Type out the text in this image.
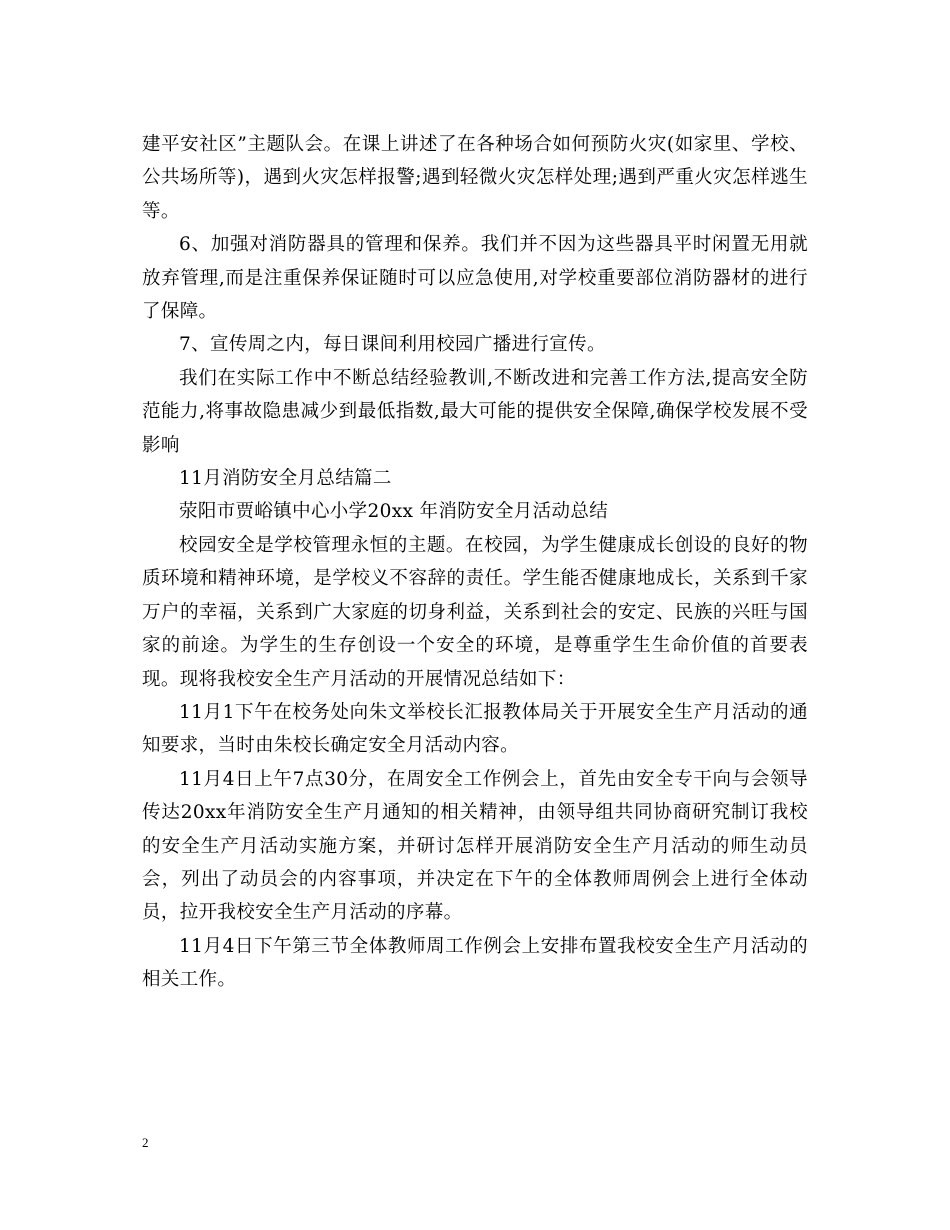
建平安社区”主题队会。在课上讲述了在各种场合如何预防火灾(如家里、学校、公共场所等)，遇到火灾怎样报警;遇到轻微火灾怎样处理;遇到严重火灾怎样逃生等。

6、加强对消防器具的管理和保养。我们并不因为这些器具平时闲置无用就放弃管理,而是注重保养保证随时可以应急使用,对学校重要部位消防器材的进行了保障。

7、宣传周之内，每日课间利用校园广播进行宣传。

我们在实际工作中不断总结经验教训,不断改进和完善工作方法,提高安全防范能力,将事故隐患减少到最低指数,最大可能的提供安全保障,确保学校发展不受影响

11月消防安全月总结篇二

荥阳市贾峪镇中心小学20xx 年消防安全月活动总结

校园安全是学校管理永恒的主题。在校园，为学生健康成长创设的良好的物质环境和精神环境，是学校义不容辞的责任。学生能否健康地成长，关系到千家万户的幸福，关系到广大家庭的切身利益，关系到社会的安定、民族的兴旺与国家的前途。为学生的生存创设一个安全的环境，是尊重学生生命价值的首要表现。现将我校安全生产月活动的开展情况总结如下：

11月1下午在校务处向朱文举校长汇报教体局关于开展安全生产月活动的通知要求，当时由朱校长确定安全月活动内容。

11月4日上午7点30分，在周安全工作例会上，首先由安全专干向与会领导传达20xx年消防安全生产月通知的相关精神，由领导组共同协商研究制订我校的安全生产月活动实施方案，并研讨怎样开展消防安全生产月活动的师生动员会，列出了动员会的内容事项，并决定在下午的全体教师周例会上进行全体动员，拉开我校安全生产月活动的序幕。

11月4日下午第三节全体教师周工作例会上安排布置我校安全生产月活动的相关工作。

2
